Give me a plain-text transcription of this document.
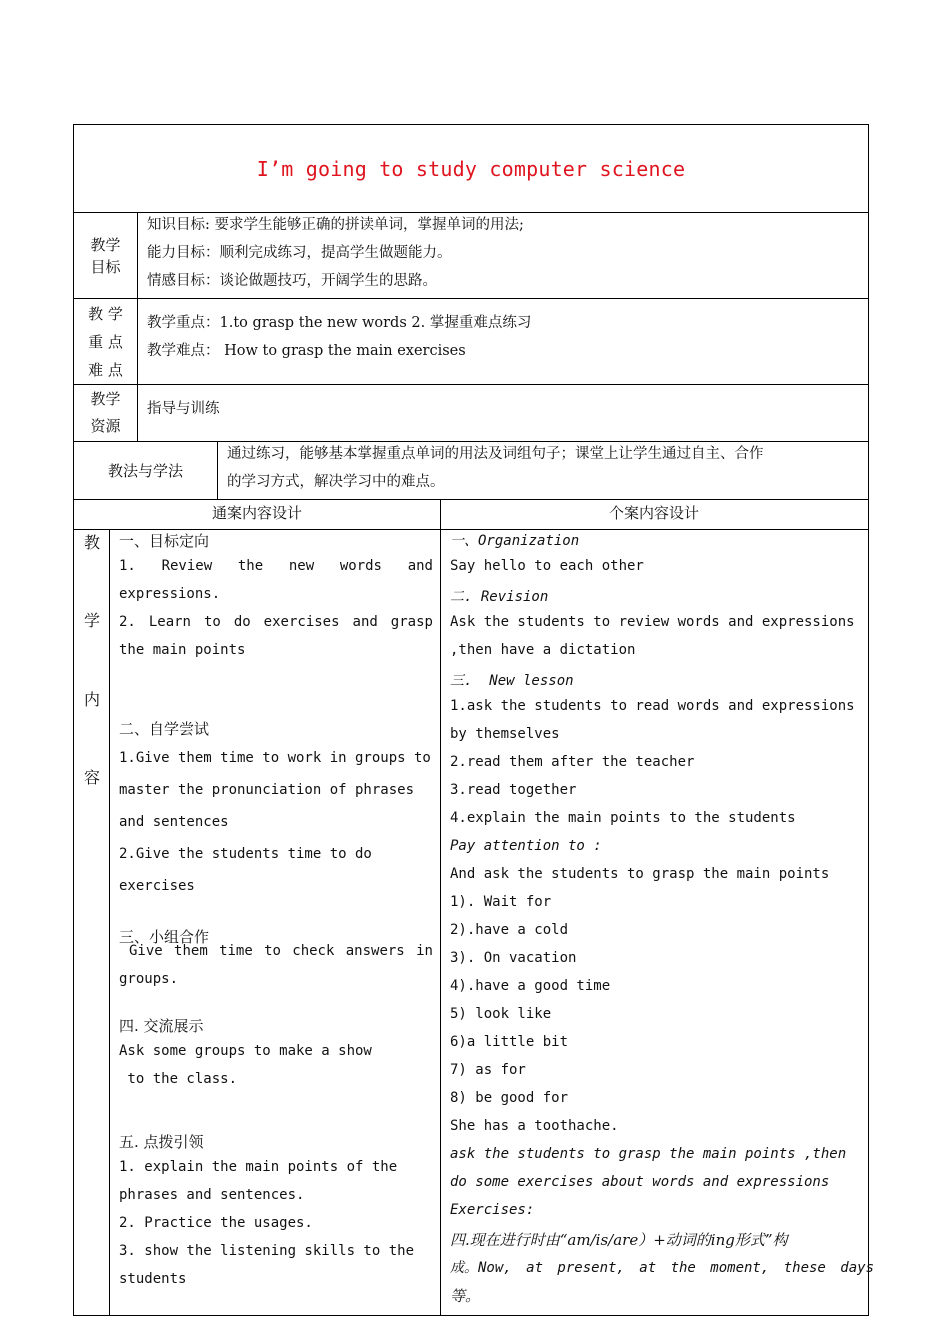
I’m going to study computer science
教学
目标
知识目标: 要求学生能够正确的拼读单词，掌握单词的用法;
能力目标：顺利完成练习，提高学生做题能力。
情感目标：谈论做题技巧，开阔学生的思路。
教 学
重 点
难 点
教学重点：1.to grasp the new words 2. 掌握重难点练习
教学难点： How to grasp the main exercises
教学
资源
指导与训练
教法与学法
通过练习，能够基本掌握重点单词的用法及词组句子；课堂上让学生通过自主、合作
的学习方式，解决学习中的难点。
通案内容设计	个案内容设计
教
学
内
容
一、目标定向
1. Review the new words and
expressions.
2. Learn to do exercises and grasp
the main points
二、自学尝试
1.Give them time to work in groups to
master the pronunciation of phrases
and sentences
2.Give the students time to do
exercises
三、小组合作
Give them time to check answers in
groups.
四. 交流展示
Ask some groups to make a show
to the class.
五. 点拨引领
1. explain the main points of the
phrases and sentences.
2. Practice the usages.
3. show the listening skills to the
students
一、Organization
Say hello to each other
二. Revision
Ask the students to review words and expressions
,then have a dictation
三.  New lesson
1.ask the students to read words and expressions
by themselves
2.read them after the teacher
3.read together
4.explain the main points to the students
Pay attention to :
And ask the students to grasp the main points
1). Wait for
2).have a cold
3). On vacation
4).have a good time
5) look like
6)a little bit
7) as for
8) be good for
She has a toothache.
ask the students to grasp the main points ,then
do some exercises about words and expressions
Exercises:
四.现在进行时由“am/is/are）+动词的ing形式”构
成。Now, at present, at the moment, these days
等。
